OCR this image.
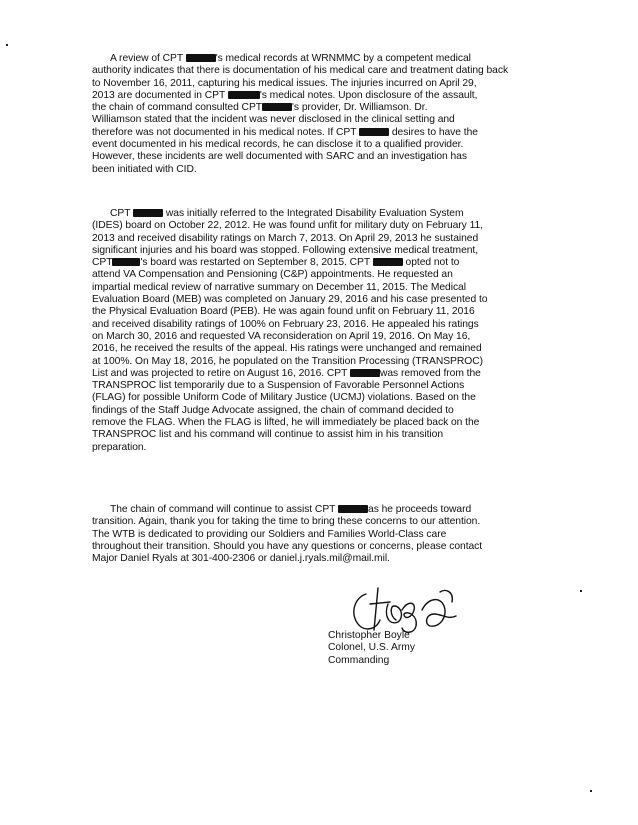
A review of CPT	's medical records at WRNMMC by a competent medical
authority indicates that there is documentation of his medical care and treatment dating back
to November 16, 2011, capturing his medical issues. The injuries incurred on April 29,
2013 are documented in CPT	's medical notes. Upon disclosure of the assault,
the chain of command consulted CPT	's provider, Dr. Williamson. Dr.
Williamson stated that the incident was never disclosed in the clinical setting and
therefore was not documented in his medical notes. If CPT	desires to have the
event documented in his medical records, he can disclose it to a qualified provider.
However, these incidents are well documented with SARC and an investigation has
been initiated with CID.
CPT	was initially referred to the Integrated Disability Evaluation System
(IDES) board on October 22, 2012. He was found unfit for military duty on February 11,
2013 and received disability ratings on March 7, 2013. On April 29, 2013 he sustained
significant injuries and his board was stopped. Following extensive medical treatment,
CPT	's board was restarted on September 8, 2015. CPT	opted not to
attend VA Compensation and Pensioning (C&P) appointments. He requested an
impartial medical review of narrative summary on December 11, 2015. The Medical
Evaluation Board (MEB) was completed on January 29, 2016 and his case presented to
the Physical Evaluation Board (PEB). He was again found unfit on February 11, 2016
and received disability ratings of 100% on February 23, 2016. He appealed his ratings
on March 30, 2016 and requested VA reconsideration on April 19, 2016. On May 16,
2016, he received the results of the appeal. His ratings were unchanged and remained
at 100%. On May 18, 2016, he populated on the Transition Processing (TRANSPROC)
List and was projected to retire on August 16, 2016. CPT	was removed from the
TRANSPROC list temporarily due to a Suspension of Favorable Personnel Actions
(FLAG) for possible Uniform Code of Military Justice (UCMJ) violations. Based on the
findings of the Staff Judge Advocate assigned, the chain of command decided to
remove the FLAG. When the FLAG is lifted, he will immediately be placed back on the
TRANSPROC list and his command will continue to assist him in his transition
preparation.
The chain of command will continue to assist CPT	as he proceeds toward
transition. Again, thank you for taking the time to bring these concerns to our attention.
The WTB is dedicated to providing our Soldiers and Families World-Class care
throughout their transition. Should you have any questions or concerns, please contact
Major Daniel Ryals at 301-400-2306 or daniel.j.ryals.mil@mail.mil.
Christopher Boyle
Colonel, U.S. Army
Commanding
